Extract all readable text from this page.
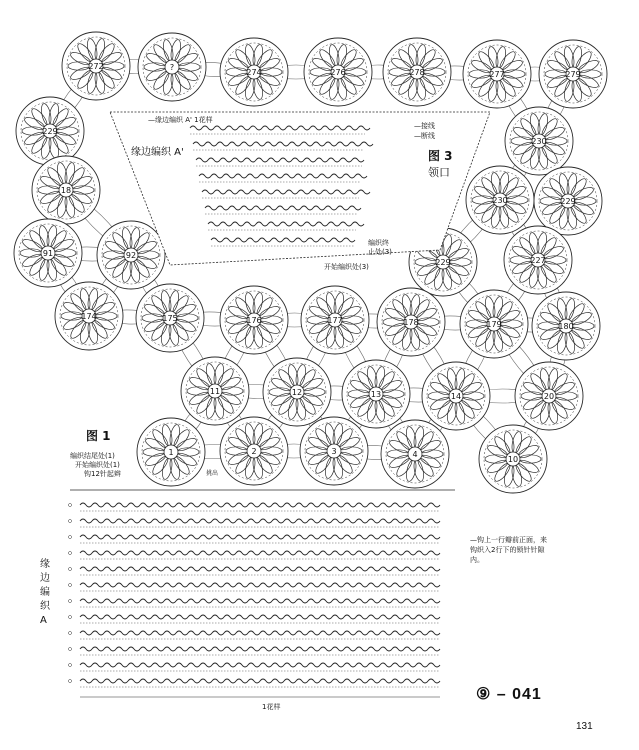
272	?
274	276	278	277	279
229
230
18
230	229
91	92
229	227
174	175	176	177	178	179	180
11	12	13	14	20
1	2	3	4
10
—缘边编织 A' 1花样
缘边编织 A'
—接线
—断线
图 3
领口
编织终
止处(3)
开始编织处(3)
图 1
编织结尾处(1)
开始编织处(1)
钩12针起辫	挑出
缘边编织A
1花样
—钩上一行瓣前正面，来钩织入2行下的锁针针隙内。
⑨ – 041
131
